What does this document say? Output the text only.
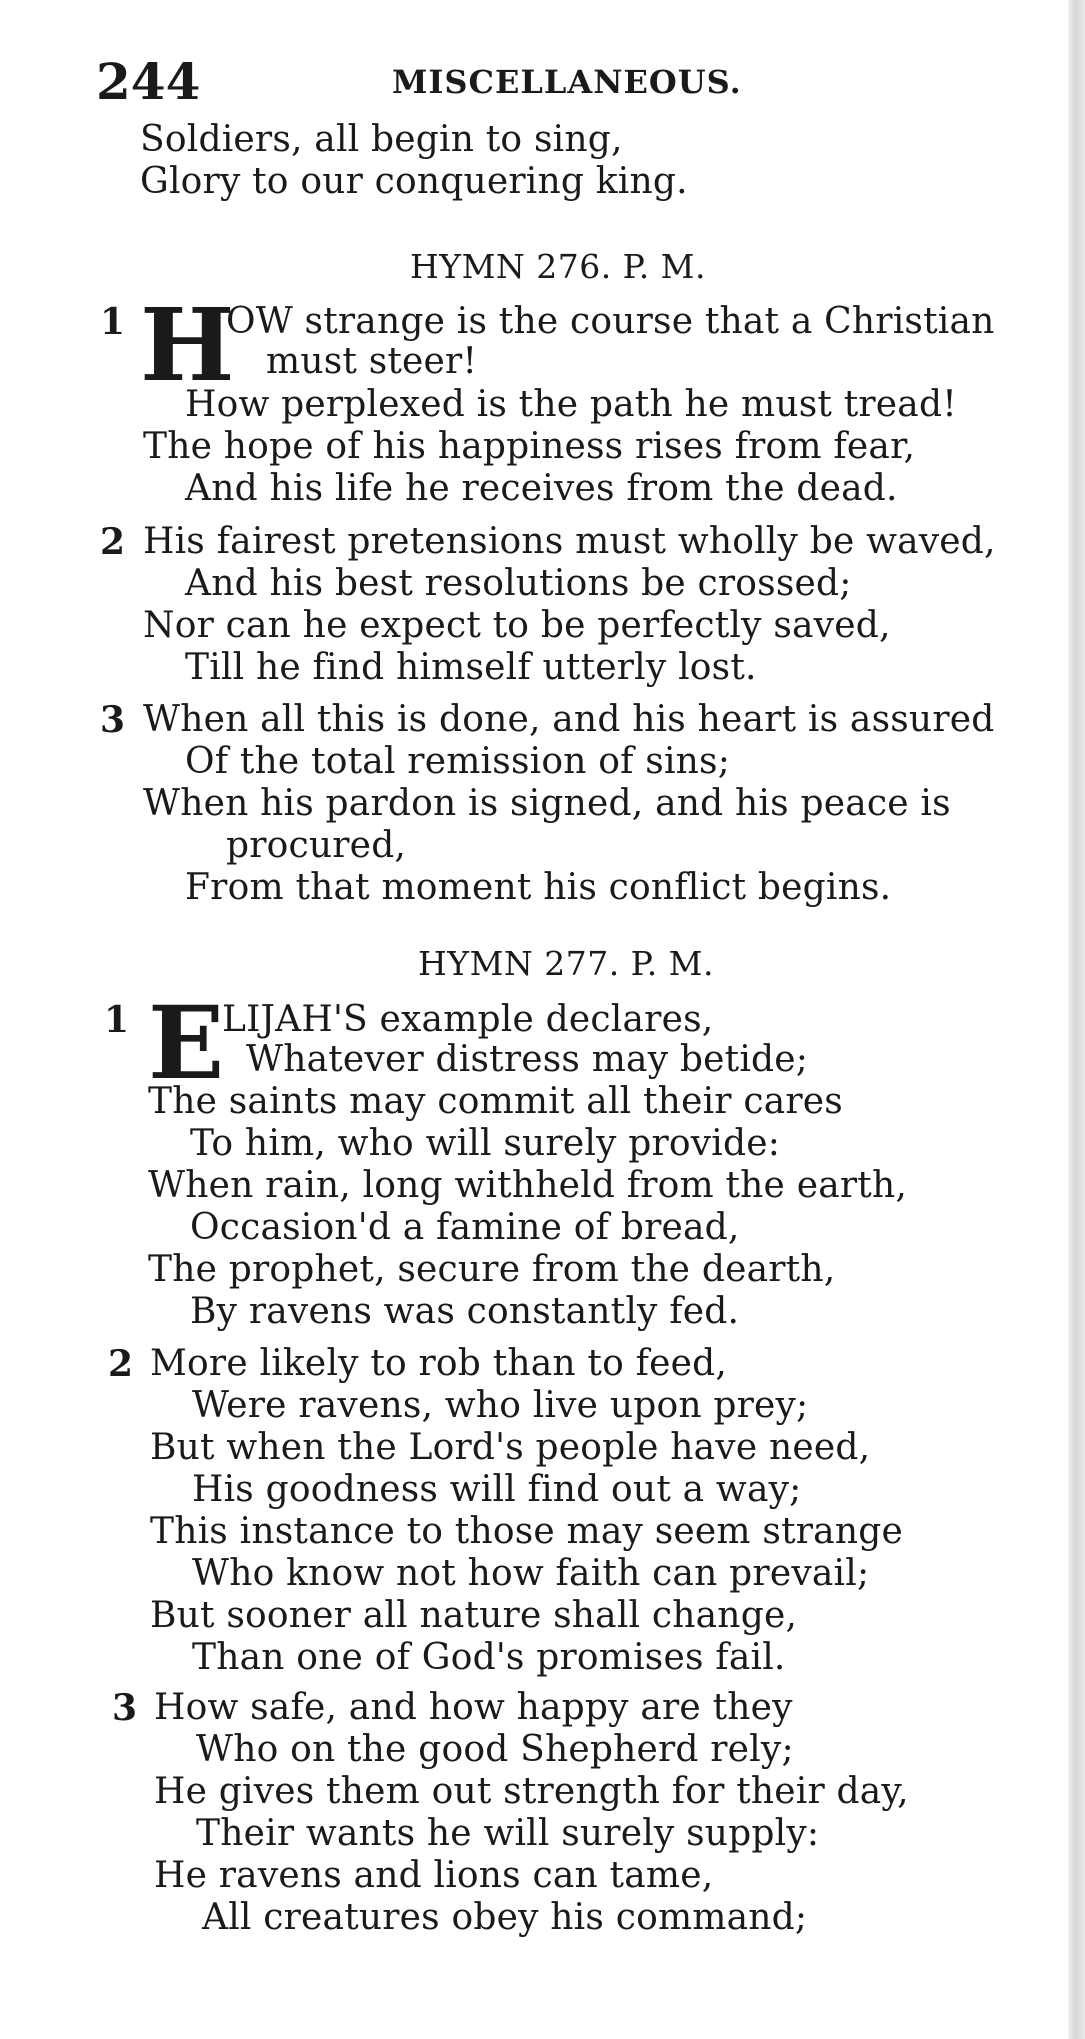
244	MISCELLANEOUS.
Soldiers, all begin to sing,
Glory to our conquering king.
HYMN 276. P. M.
1 H
OW strange is the course that a Christian
must steer!
How perplexed is the path he must tread!
The hope of his happiness rises from fear,
And his life he receives from the dead.
2 His fairest pretensions must wholly be waved,
And his best resolutions be crossed;
Nor can he expect to be perfectly saved,
Till he find himself utterly lost.
3 When all this is done, and his heart is assured
Of the total remission of sins;
When his pardon is signed, and his peace is
procured,
From that moment his conflict begins.
HYMN 277. P. M.
1 E
LIJAH'S example declares,
Whatever distress may betide;
The saints may commit all their cares
To him, who will surely provide:
When rain, long withheld from the earth,
Occasion'd a famine of bread,
The prophet, secure from the dearth,
By ravens was constantly fed.
2 More likely to rob than to feed,
Were ravens, who live upon prey;
But when the Lord's people have need,
His goodness will find out a way;
This instance to those may seem strange
Who know not how faith can prevail;
But sooner all nature shall change,
Than one of God's promises fail.
3 How safe, and how happy are they
Who on the good Shepherd rely;
He gives them out strength for their day,
Their wants he will surely supply:
He ravens and lions can tame,
All creatures obey his command;
